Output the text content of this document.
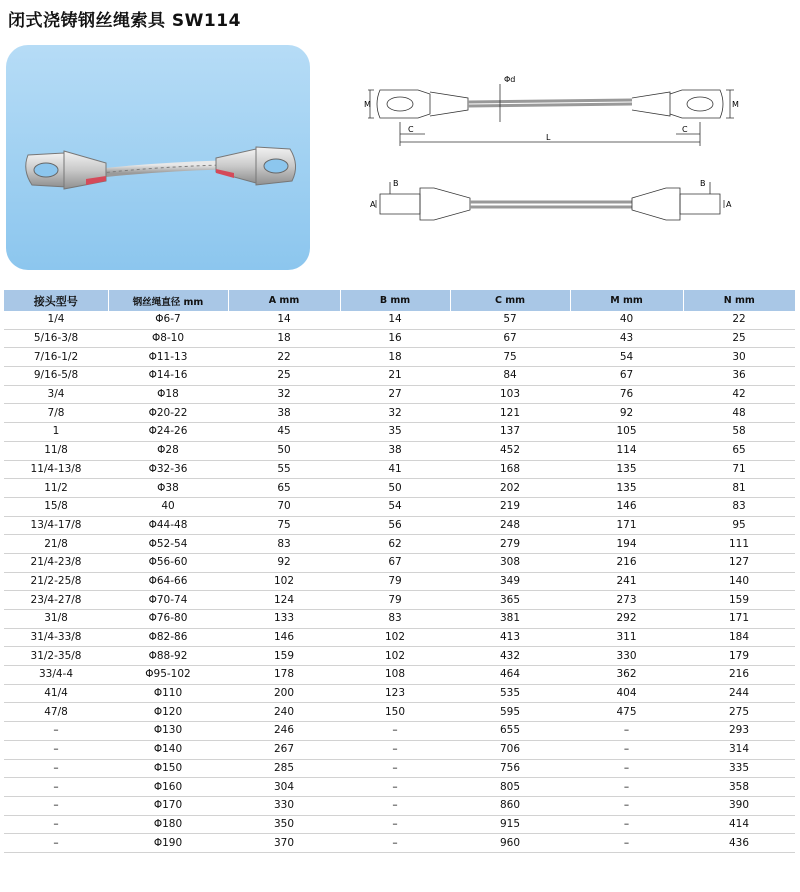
闭式浇铸钢丝绳索具 SW114
M	M
Φd
C	C
L
A	A
B	B
接头型号	钢丝绳直径 mm	A mm	B mm	C mm	M mm	N mm
1/4	Φ6-7	14	14	57	40	22
5/16-3/8	Φ8-10	18	16	67	43	25
7/16-1/2	Φ11-13	22	18	75	54	30
9/16-5/8	Φ14-16	25	21	84	67	36
3/4	Φ18	32	27	103	76	42
7/8	Φ20-22	38	32	121	92	48
1	Φ24-26	45	35	137	105	58
11/8	Φ28	50	38	452	114	65
11/4-13/8	Φ32-36	55	41	168	135	71
11/2	Φ38	65	50	202	135	81
15/8	40	70	54	219	146	83
13/4-17/8	Φ44-48	75	56	248	171	95
21/8	Φ52-54	83	62	279	194	111
21/4-23/8	Φ56-60	92	67	308	216	127
21/2-25/8	Φ64-66	102	79	349	241	140
23/4-27/8	Φ70-74	124	79	365	273	159
31/8	Φ76-80	133	83	381	292	171
31/4-33/8	Φ82-86	146	102	413	311	184
31/2-35/8	Φ88-92	159	102	432	330	179
33/4-4	Φ95-102	178	108	464	362	216
41/4	Φ110	200	123	535	404	244
47/8	Φ120	240	150	595	475	275
–	Φ130	246	–	655	–	293
–	Φ140	267	–	706	–	314
–	Φ150	285	–	756	–	335
–	Φ160	304	–	805	–	358
–	Φ170	330	–	860	–	390
–	Φ180	350	–	915	–	414
–	Φ190	370	–	960	–	436
